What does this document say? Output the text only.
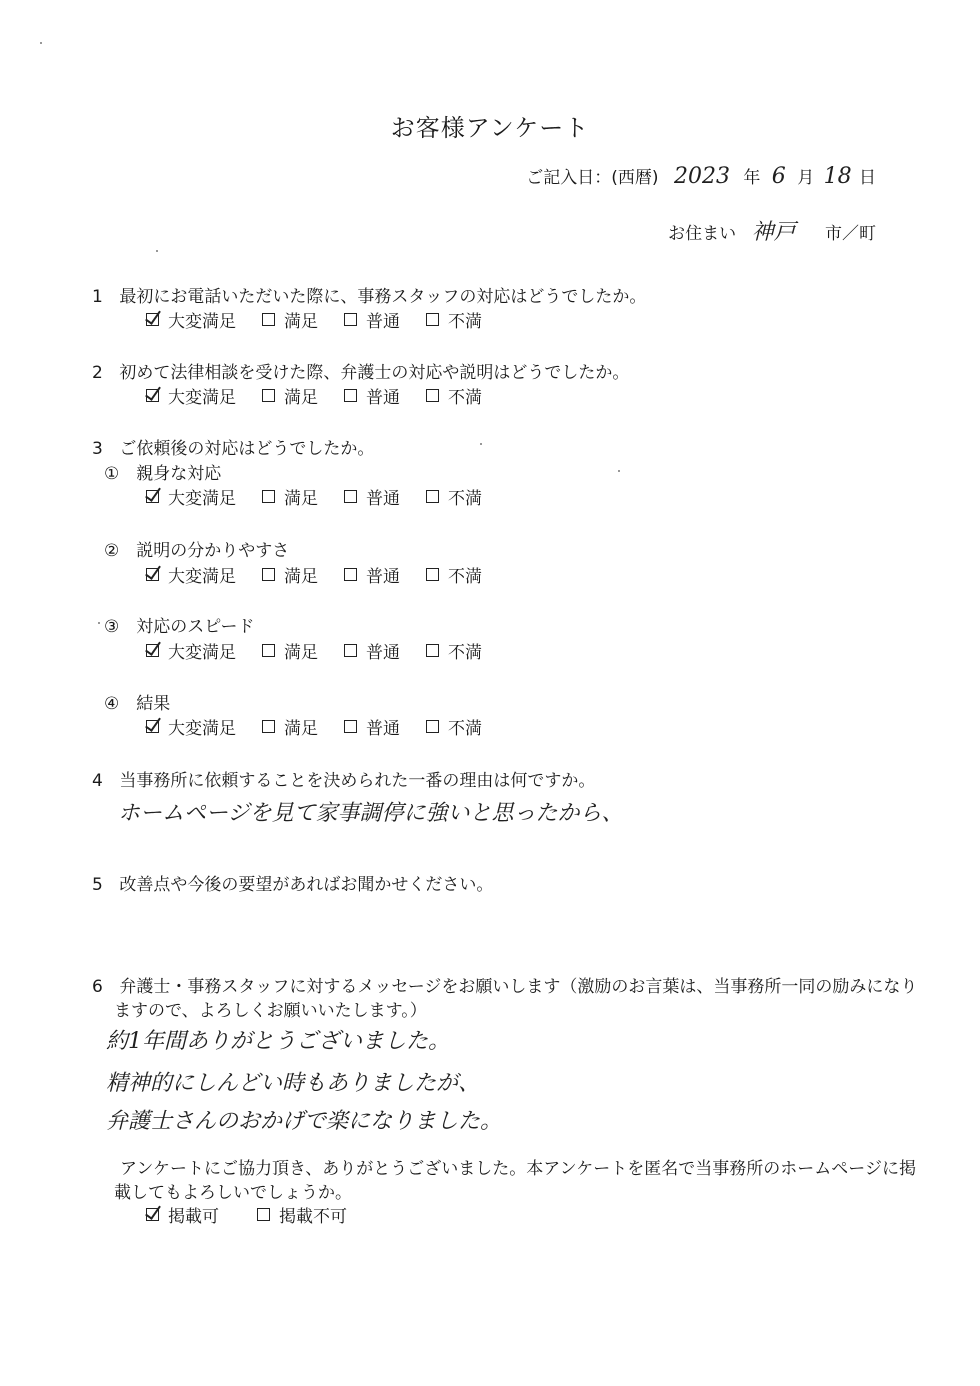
お客様アンケート
ご記入日：(西暦) 2023 年 6 月 18 日
お住まい 神戸 市／町
1 最初にお電話いただいた際に、事務スタッフの対応はどうでしたか。
大変満足	満足	普通	不満
2 初めて法律相談を受けた際、弁護士の対応や説明はどうでしたか。
大変満足	満足	普通	不満
3 ご依頼後の対応はどうでしたか。
①　親身な対応
大変満足	満足	普通	不満
②　説明の分かりやすさ
大変満足	満足	普通	不満
③　対応のスピード
大変満足	満足	普通	不満
④　結果
大変満足	満足	普通	不満
4 当事務所に依頼することを決められた一番の理由は何ですか。
ホームページを見て家事調停に強いと思ったから、
5 改善点や今後の要望があればお聞かせください。
6 弁護士・事務スタッフに対するメッセージをお願いします（激励のお言葉は、当事務所一同の励みになり
ますので、よろしくお願いいたします。）
約1年間ありがとうございました。
精神的にしんどい時もありましたが、
弁護士さんのおかげで楽になりました。
アンケートにご協力頂き、ありがとうございました。本アンケートを匿名で当事務所のホームページに掲
載してもよろしいでしょうか。
掲載可	掲載不可
